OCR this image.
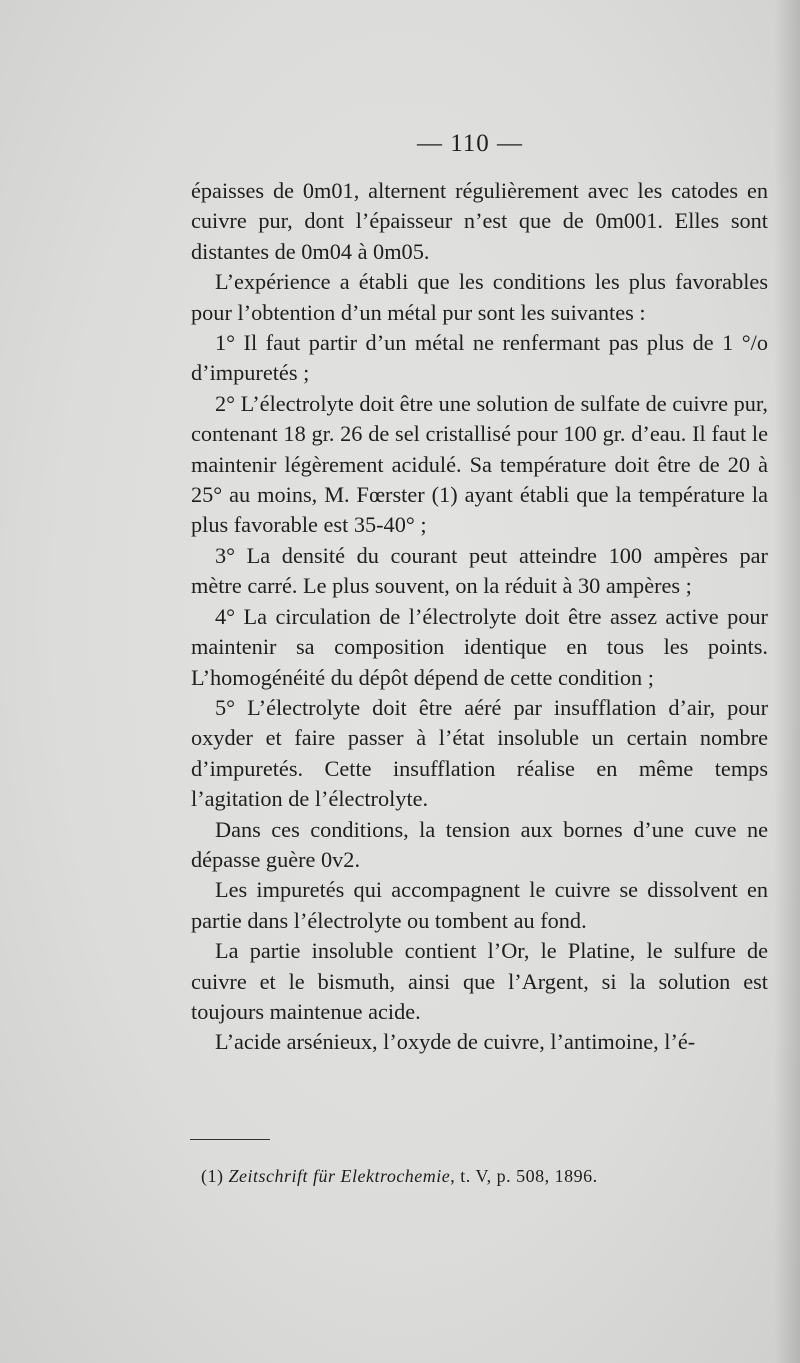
— 110 —

épaisses de 0m01, alternent régulièrement avec les catodes en cuivre pur, dont l’épaisseur n’est que de 0m001. Elles sont distantes de 0m04 à 0m05.

L’expérience a établi que les conditions les plus favorables pour l’obtention d’un métal pur sont les suivantes :

1° Il faut partir d’un métal ne renfermant pas plus de 1 °/o d’impuretés ;

2° L’électrolyte doit être une solution de sulfate de cuivre pur, contenant 18 gr. 26 de sel cristallisé pour 100 gr. d’eau. Il faut le maintenir légèrement acidulé. Sa température doit être de 20 à 25° au moins, M. Fœrster (1) ayant établi que la température la plus favorable est 35-40° ;

3° La densité du courant peut atteindre 100 ampères par mètre carré. Le plus souvent, on la réduit à 30 ampères ;

4° La circulation de l’électrolyte doit être assez active pour maintenir sa composition identique en tous les points. L’homogénéité du dépôt dépend de cette condition ;

5° L’électrolyte doit être aéré par insufflation d’air, pour oxyder et faire passer à l’état insoluble un certain nombre d’impuretés. Cette insufflation réalise en même temps l’agitation de l’électrolyte.

Dans ces conditions, la tension aux bornes d’une cuve ne dépasse guère 0v2.

Les impuretés qui accompagnent le cuivre se dissolvent en partie dans l’électrolyte ou tombent au fond.

La partie insoluble contient l’Or, le Platine, le sulfure de cuivre et le bismuth, ainsi que l’Argent, si la solution est toujours maintenue acide.

L’acide arsénieux, l’oxyde de cuivre, l’antimoine, l’é-

(1) Zeitschrift für Elektrochemie, t. V, p. 508, 1896.
